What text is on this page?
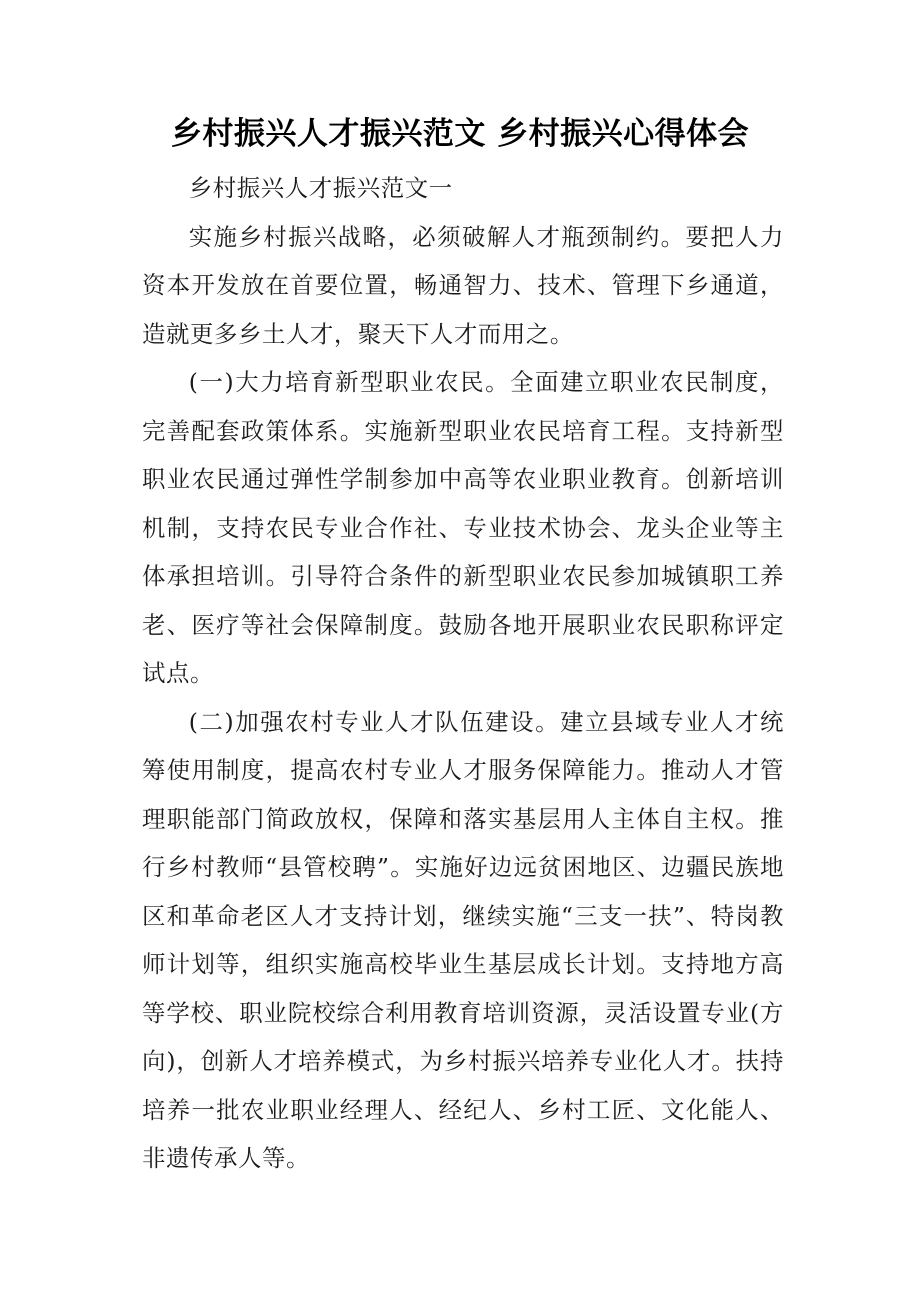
乡村振兴人才振兴范文 乡村振兴心得体会

乡村振兴人才振兴范文一

实施乡村振兴战略，必须破解人才瓶颈制约。要把人力资本开发放在首要位置，畅通智力、技术、管理下乡通道，造就更多乡土人才，聚天下人才而用之。

(一)大力培育新型职业农民。全面建立职业农民制度，完善配套政策体系。实施新型职业农民培育工程。支持新型职业农民通过弹性学制参加中高等农业职业教育。创新培训机制，支持农民专业合作社、专业技术协会、龙头企业等主体承担培训。引导符合条件的新型职业农民参加城镇职工养老、医疗等社会保障制度。鼓励各地开展职业农民职称评定试点。

(二)加强农村专业人才队伍建设。建立县域专业人才统筹使用制度，提高农村专业人才服务保障能力。推动人才管理职能部门简政放权，保障和落实基层用人主体自主权。推行乡村教师“县管校聘”。实施好边远贫困地区、边疆民族地区和革命老区人才支持计划，继续实施“三支一扶”、特岗教师计划等，组织实施高校毕业生基层成长计划。支持地方高等学校、职业院校综合利用教育培训资源，灵活设置专业(方向)，创新人才培养模式，为乡村振兴培养专业化人才。扶持培养一批农业职业经理人、经纪人、乡村工匠、文化能人、非遗传承人等。
